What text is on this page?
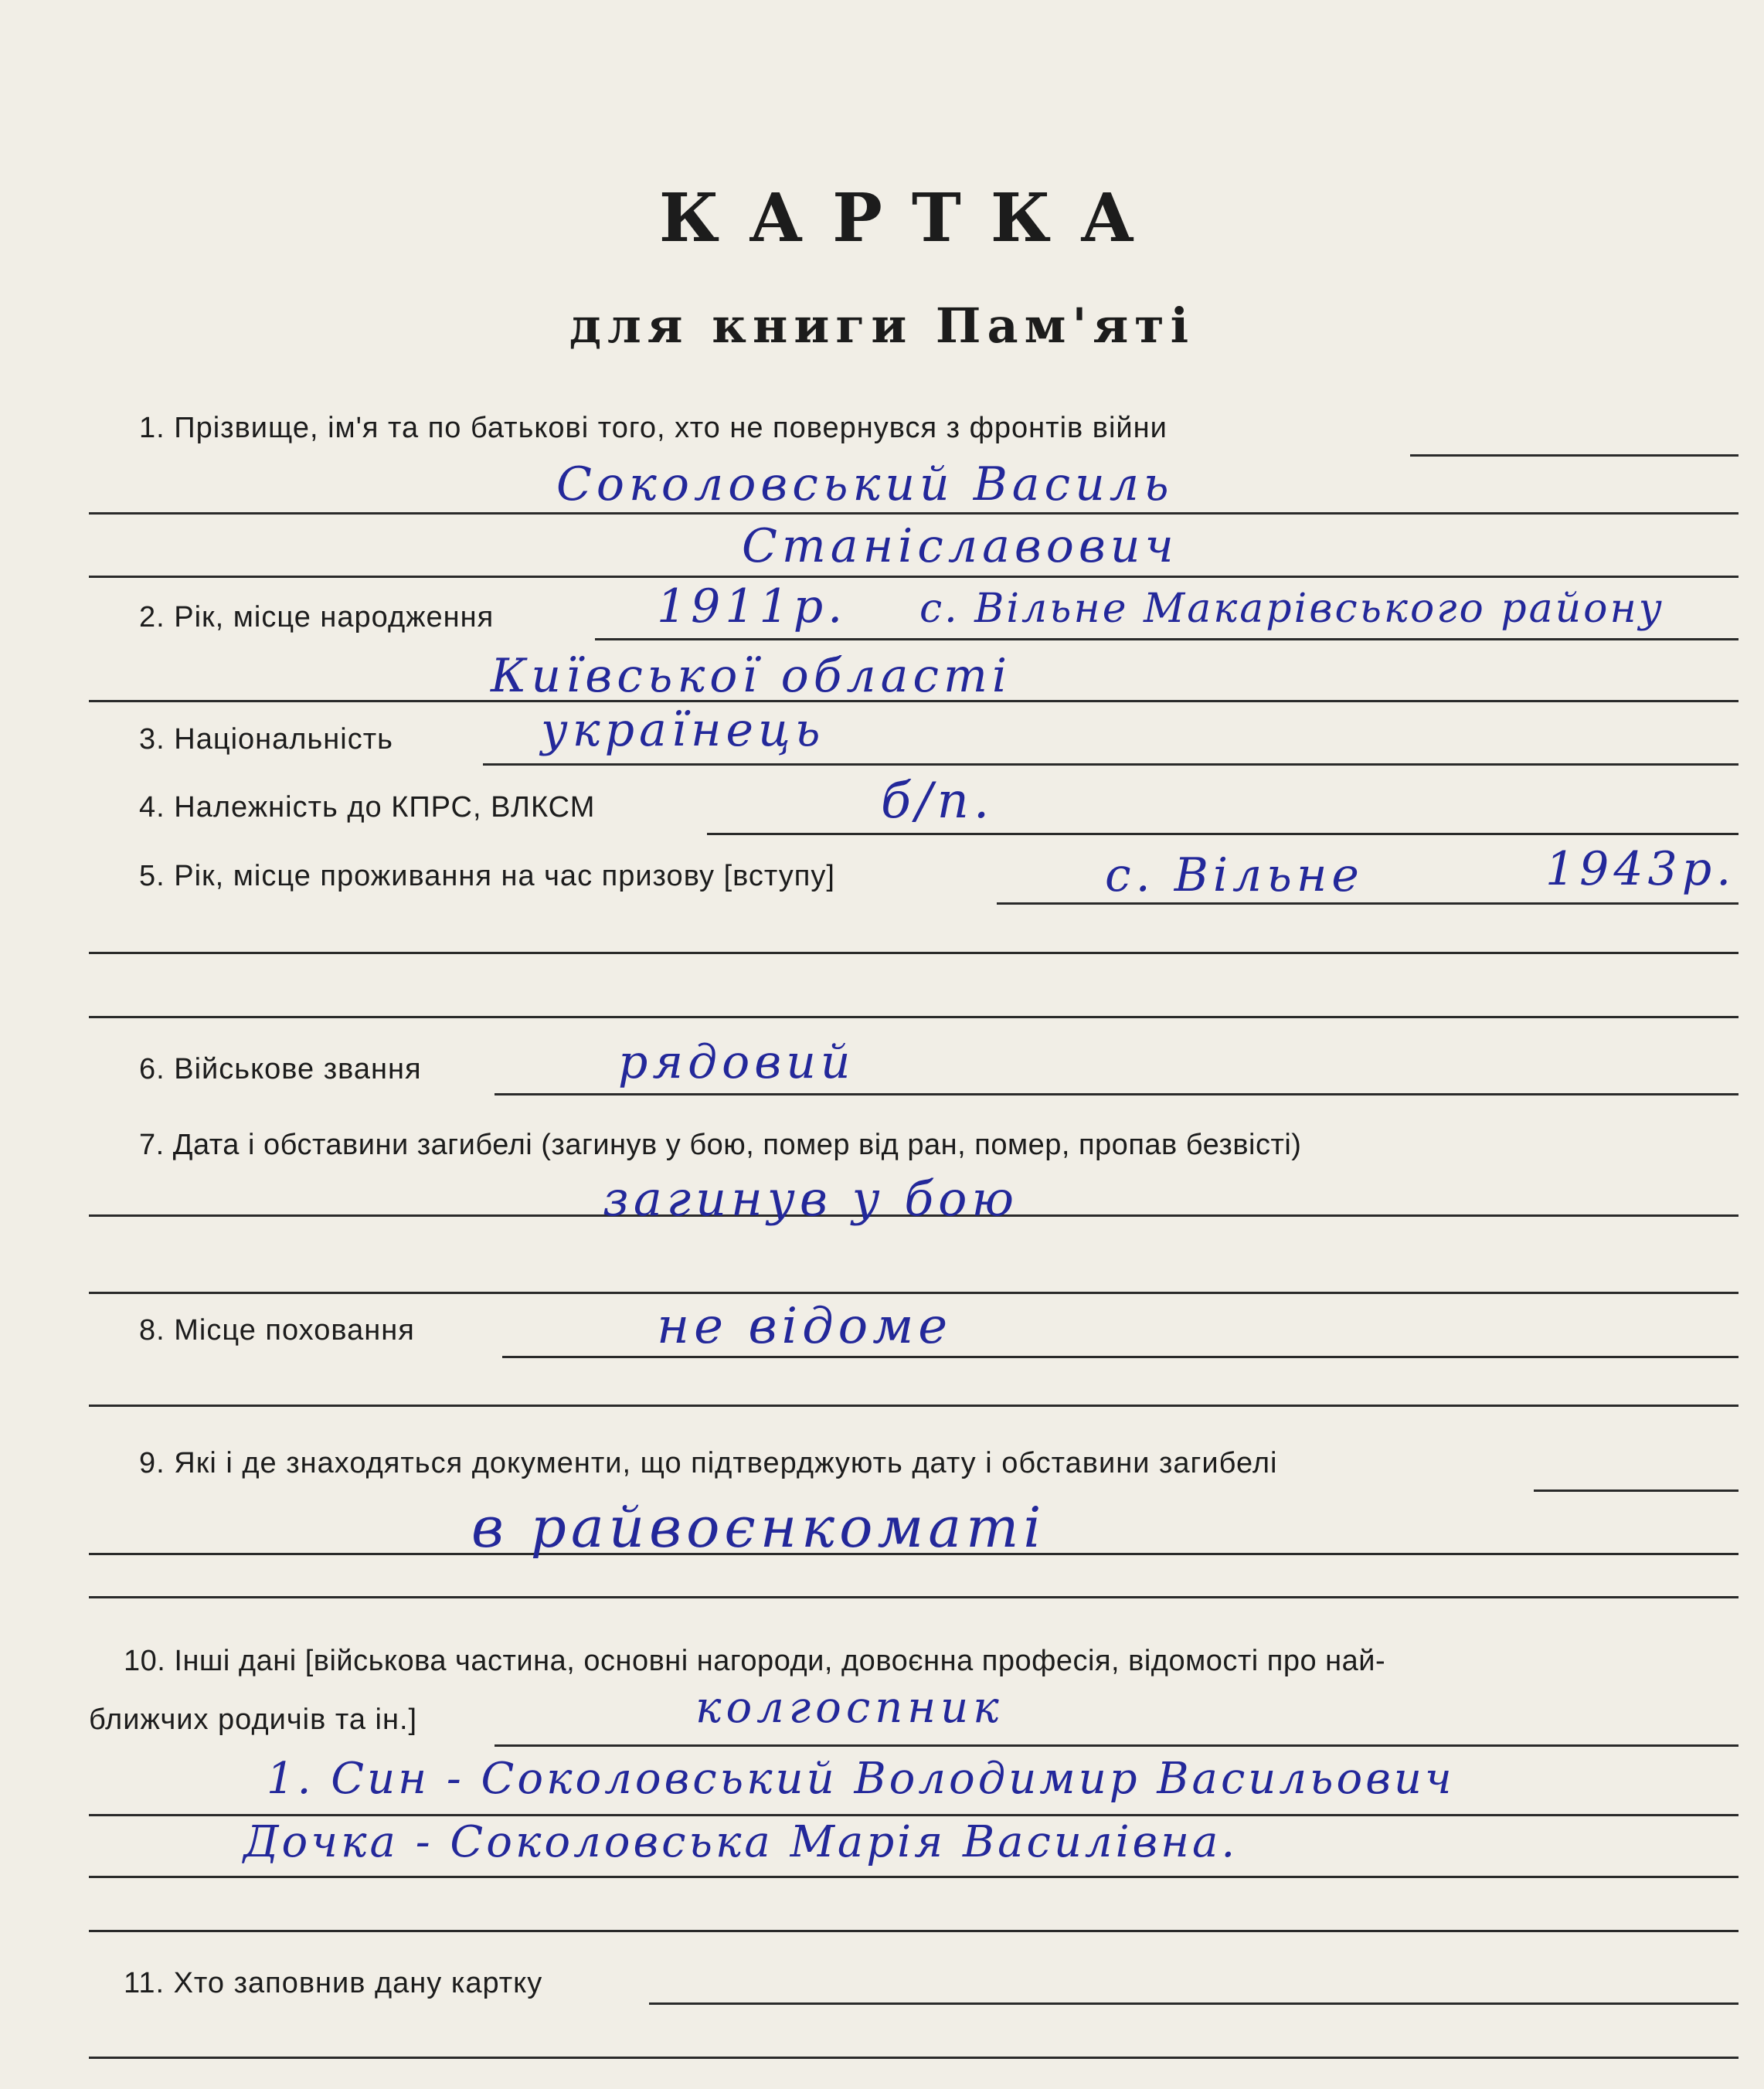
КАРТКА
для книги Пам'яті
1. Прізвище, ім'я та по батькові того, хто не повернувся з фронтів війни
Соколовський Василь
Станіславович
2. Рік, місце народження	1911р. с. Вільне Макарівського району
Київської області
3. Національність	українець
4. Належність до КПРС, ВЛКСМ	б/п.
5. Рік, місце проживання на час призову [вступу]	с. Вільне	1943р.
6. Військове звання	рядовий
7. Дата і обставини загибелі (загинув у бою, помер від ран, помер, пропав безвісті)
загинув у бою
8. Місце поховання	не відоме
9. Які і де знаходяться документи, що підтверджують дату і обставини загибелі
в райвоєнкоматі
10. Інші дані [військова частина, основні нагороди, довоєнна професія, відомості про най-
ближчих родичів та ін.]	колгоспник
1. Син - Соколовський Володимир Васильович
Дочка - Соколовська Марія Василівна.
11. Хто заповнив дану картку
